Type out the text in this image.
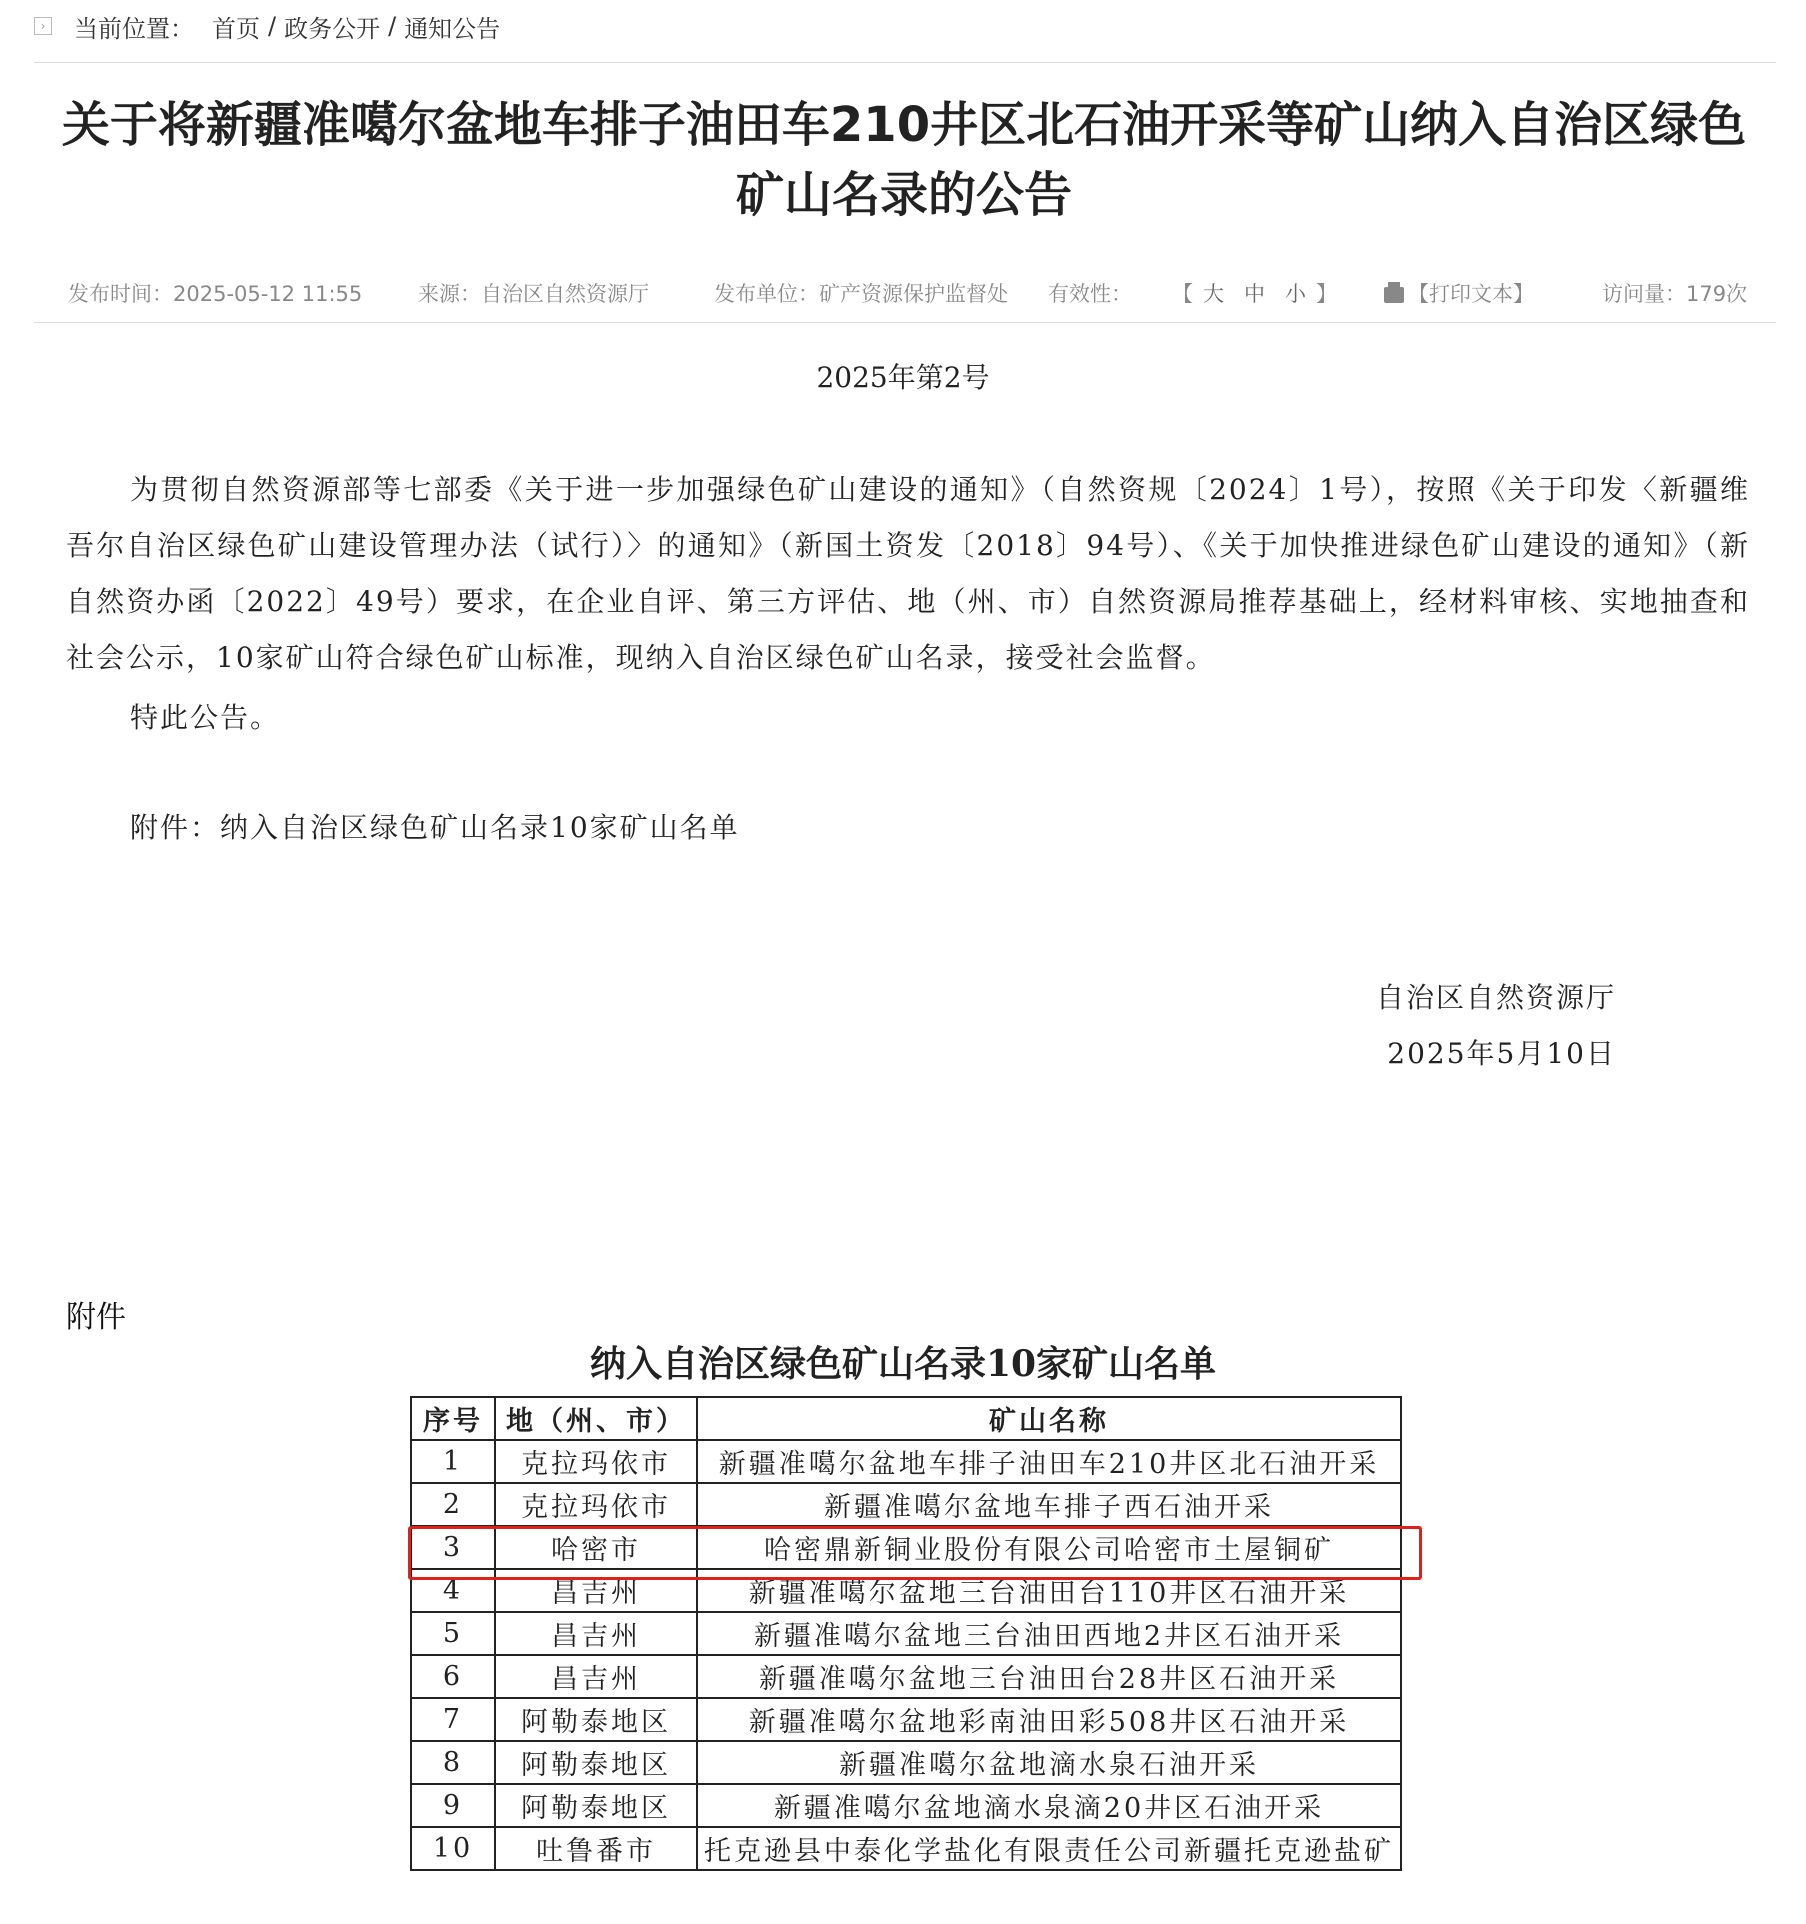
› 当前位置： 首页 / 政务公开 / 通知公告
关于将新疆准噶尔盆地车排子油田车210井区北石油开采等矿山纳入自治区绿色矿山名录的公告
发布时间：2025-05-12 11:55	来源：自治区自然资源厅	发布单位：矿产资源保护监督处 有效性： 【 大 中 小 】	【打印文本】	访问量：179次
2025年第2号
为贯彻自然资源部等七部委《关于进一步加强绿色矿山建设的通知》（自然资规〔2024〕1号），按照《关于印发〈新疆维吾尔自治区绿色矿山建设管理办法（试行）〉的通知》（新国土资发〔2018〕94号）、《关于加快推进绿色矿山建设的通知》（新自然资办函〔2022〕49号）要求，在企业自评、第三方评估、地（州、市）自然资源局推荐基础上，经材料审核、实地抽查和社会公示，10家矿山符合绿色矿山标准，现纳入自治区绿色矿山名录，接受社会监督。
特此公告。
附件：纳入自治区绿色矿山名录10家矿山名单
自治区自然资源厅
2025年5月10日
附件
纳入自治区绿色矿山名录10家矿山名单
序号	地（州、市）	矿山名称
1	克拉玛依市	新疆准噶尔盆地车排子油田车210井区北石油开采
2	克拉玛依市	新疆准噶尔盆地车排子西石油开采
3	哈密市	哈密鼎新铜业股份有限公司哈密市土屋铜矿
4	昌吉州	新疆准噶尔盆地三台油田台110井区石油开采
5	昌吉州	新疆准噶尔盆地三台油田西地2井区石油开采
6	昌吉州	新疆准噶尔盆地三台油田台28井区石油开采
7	阿勒泰地区	新疆准噶尔盆地彩南油田彩508井区石油开采
8	阿勒泰地区	新疆准噶尔盆地滴水泉石油开采
9	阿勒泰地区	新疆准噶尔盆地滴水泉滴20井区石油开采
10	吐鲁番市	托克逊县中泰化学盐化有限责任公司新疆托克逊盐矿
